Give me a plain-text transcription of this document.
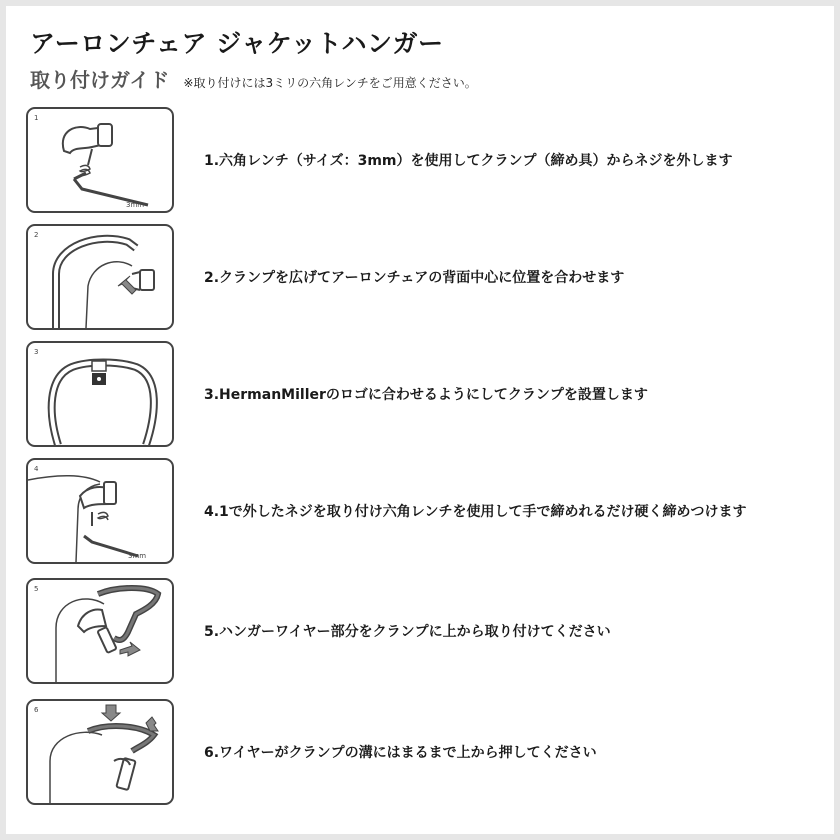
アーロンチェア ジャケットハンガー
取り付けガイド ※取り付けには3ミリの六角レンチをご用意ください。
1
3mm
1.六角レンチ（サイズ：3mm）を使用してクランプ（締め具）からネジを外します
2
2.クランプを広げてアーロンチェアの背面中心に位置を合わせます
3
3.HermanMillerのロゴに合わせるようにしてクランプを設置します
4
3mm
4.1で外したネジを取り付け六角レンチを使用して手で締めれるだけ硬く締めつけます
5
5.ハンガーワイヤー部分をクランプに上から取り付けてください
6
6.ワイヤーがクランプの溝にはまるまで上から押してください
